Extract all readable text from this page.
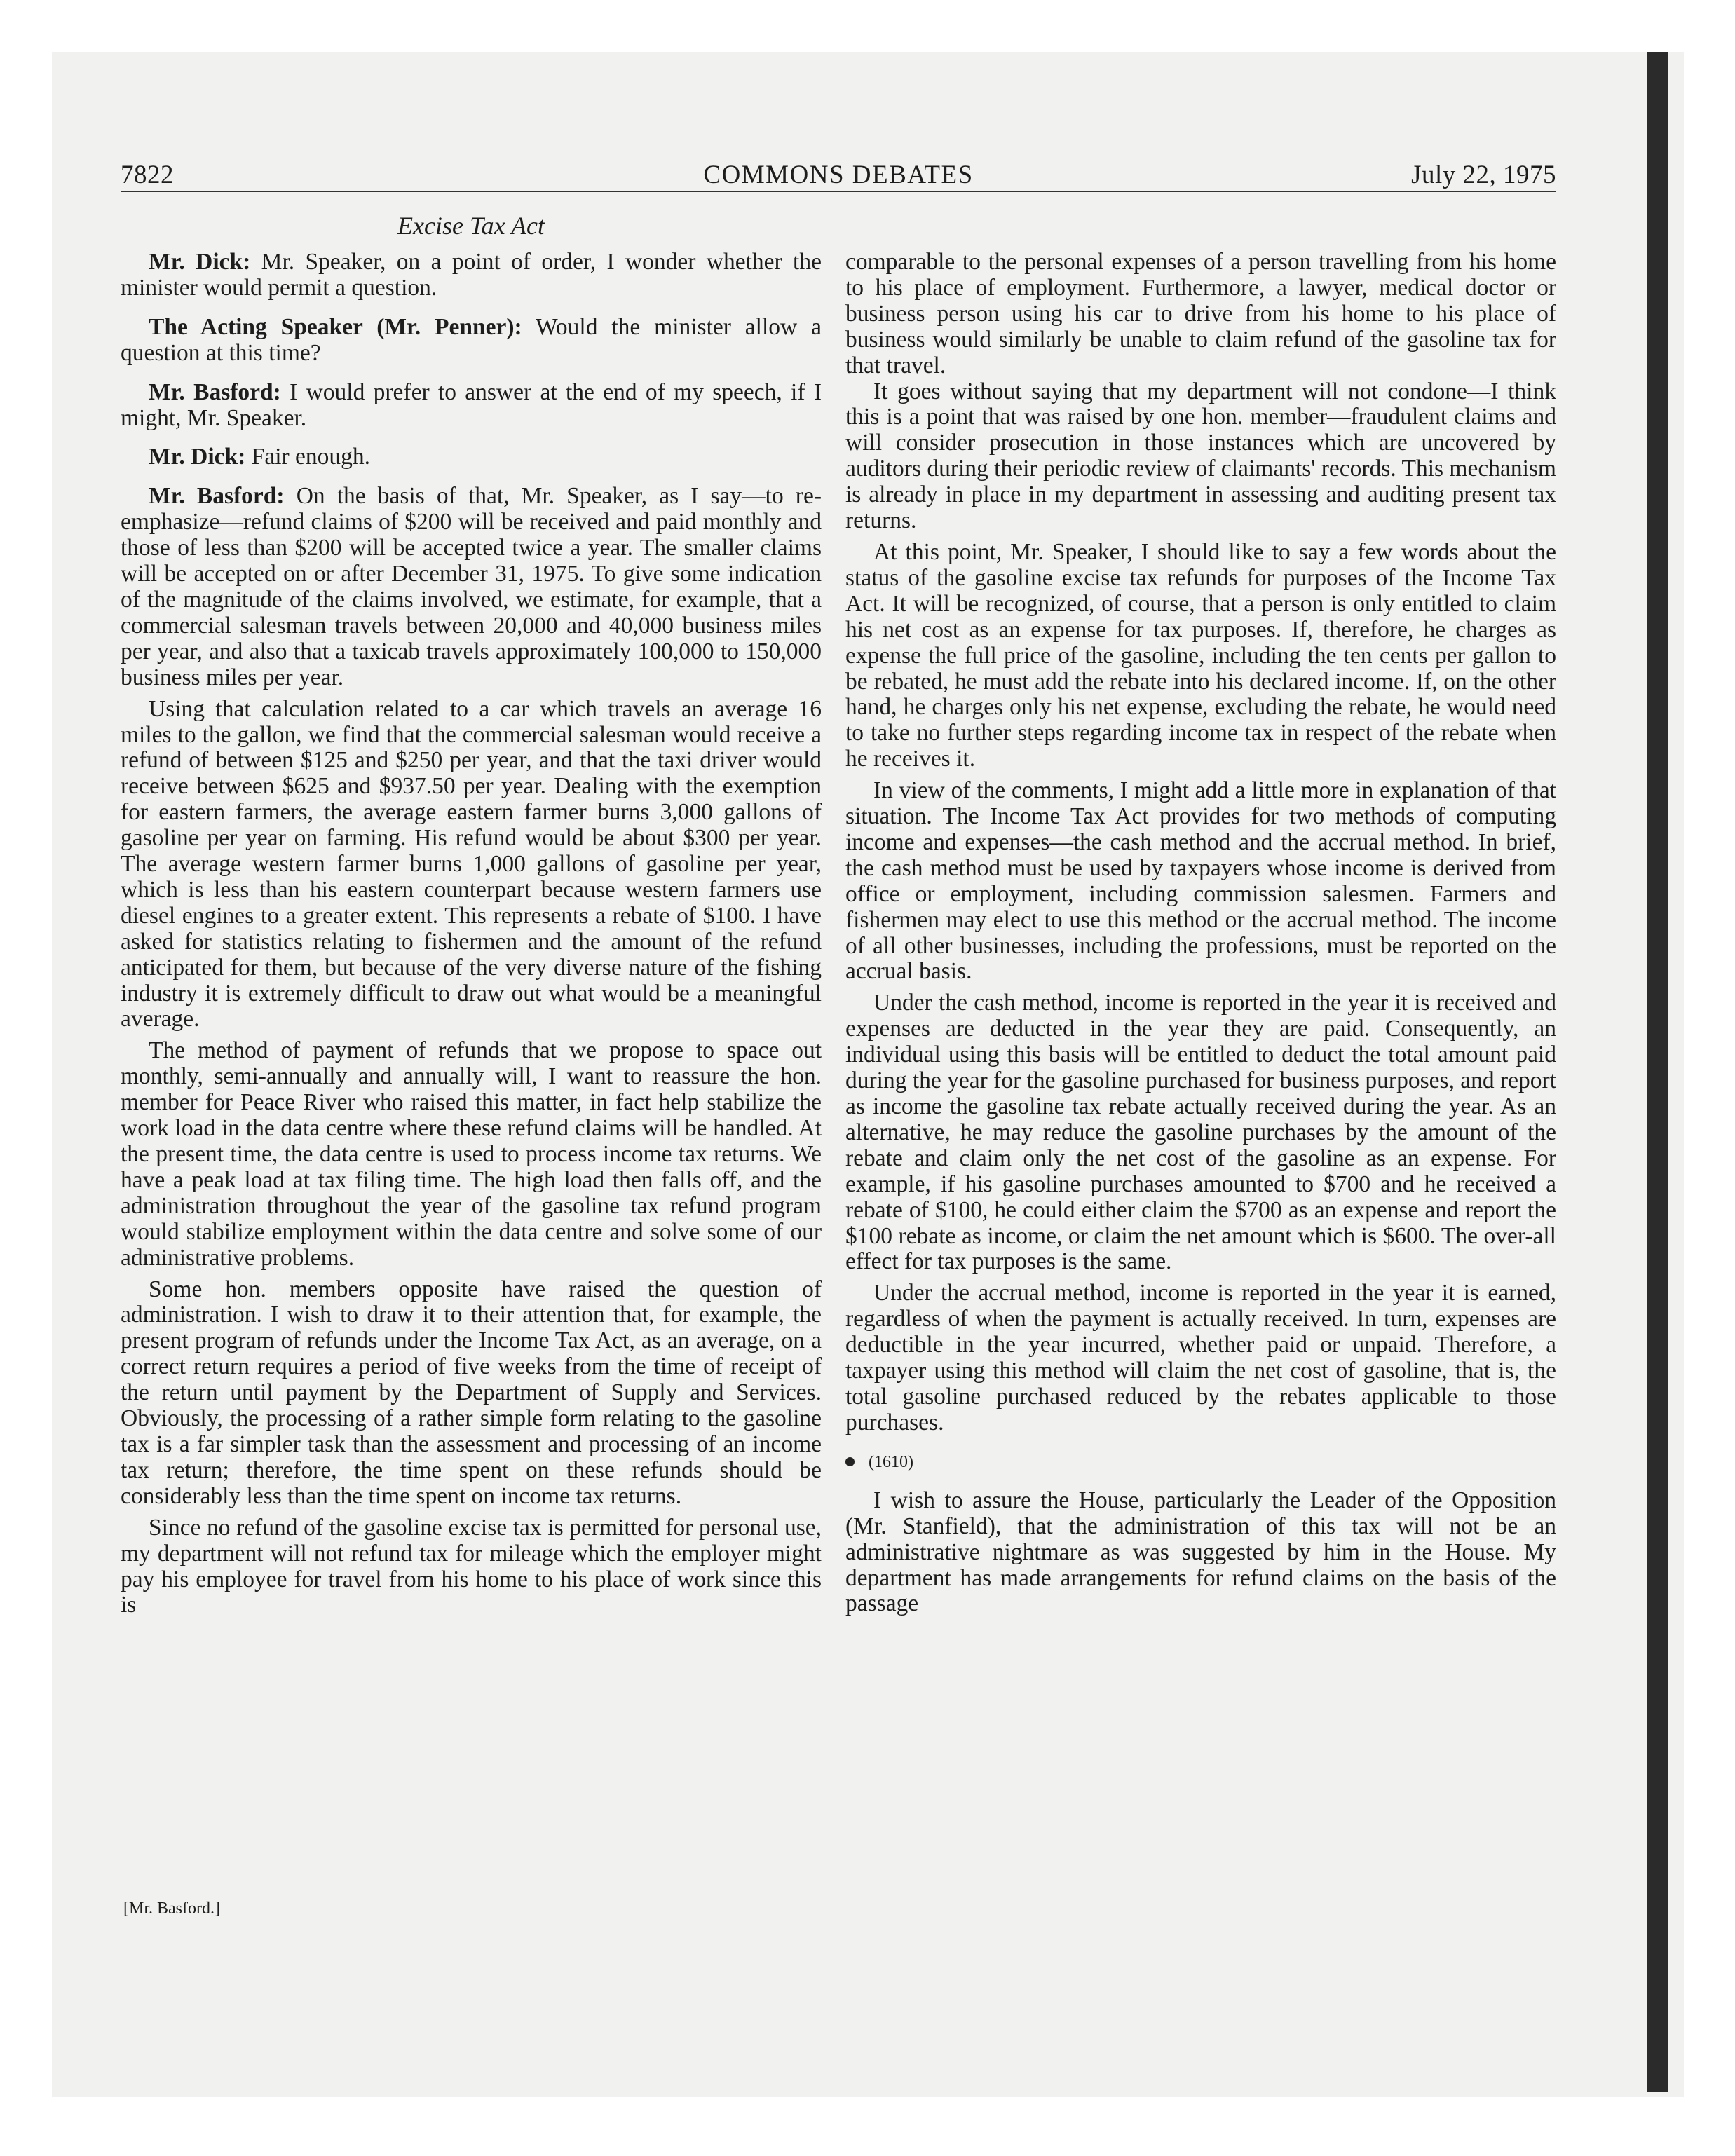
7822	COMMONS DEBATES	July 22, 1975
Excise Tax Act

Mr. Dick: Mr. Speaker, on a point of order, I wonder whether the minister would permit a question.

The Acting Speaker (Mr. Penner): Would the minister allow a question at this time?

Mr. Basford: I would prefer to answer at the end of my speech, if I might, Mr. Speaker.

Mr. Dick: Fair enough.

Mr. Basford: On the basis of that, Mr. Speaker, as I say—to re-emphasize—refund claims of $200 will be received and paid monthly and those of less than $200 will be accepted twice a year. The smaller claims will be accepted on or after December 31, 1975. To give some indication of the magnitude of the claims involved, we estimate, for example, that a commercial salesman travels between 20,000 and 40,000 business miles per year, and also that a taxicab travels approximately 100,000 to 150,000 business miles per year.

Using that calculation related to a car which travels an average 16 miles to the gallon, we find that the commercial salesman would receive a refund of between $125 and $250 per year, and that the taxi driver would receive between $625 and $937.50 per year. Dealing with the exemption for eastern farmers, the average eastern farmer burns 3,000 gallons of gasoline per year on farming. His refund would be about $300 per year. The average western farmer burns 1,000 gallons of gasoline per year, which is less than his eastern counterpart because western farmers use diesel engines to a greater extent. This represents a rebate of $100. I have asked for statistics relating to fishermen and the amount of the refund anticipated for them, but because of the very diverse nature of the fishing industry it is extremely difficult to draw out what would be a meaningful average.

The method of payment of refunds that we propose to space out monthly, semi-annually and annually will, I want to reassure the hon. member for Peace River who raised this matter, in fact help stabilize the work load in the data centre where these refund claims will be handled. At the present time, the data centre is used to process income tax returns. We have a peak load at tax filing time. The high load then falls off, and the administration throughout the year of the gasoline tax refund program would stabilize employment within the data centre and solve some of our administrative problems.

Some hon. members opposite have raised the question of administration. I wish to draw it to their attention that, for example, the present program of refunds under the Income Tax Act, as an average, on a correct return requires a period of five weeks from the time of receipt of the return until payment by the Department of Supply and Services. Obviously, the processing of a rather simple form relating to the gasoline tax is a far simpler task than the assessment and processing of an income tax return; therefore, the time spent on these refunds should be considerably less than the time spent on income tax returns.

Since no refund of the gasoline excise tax is permitted for personal use, my department will not refund tax for mileage which the employer might pay his employee for travel from his home to his place of work since this is

comparable to the personal expenses of a person travelling from his home to his place of employment. Furthermore, a lawyer, medical doctor or business person using his car to drive from his home to his place of business would similarly be unable to claim refund of the gasoline tax for that travel.

It goes without saying that my department will not condone—I think this is a point that was raised by one hon. member—fraudulent claims and will consider prosecution in those instances which are uncovered by auditors during their periodic review of claimants' records. This mechanism is already in place in my department in assessing and auditing present tax returns.

At this point, Mr. Speaker, I should like to say a few words about the status of the gasoline excise tax refunds for purposes of the Income Tax Act. It will be recognized, of course, that a person is only entitled to claim his net cost as an expense for tax purposes. If, therefore, he charges as expense the full price of the gasoline, including the ten cents per gallon to be rebated, he must add the rebate into his declared income. If, on the other hand, he charges only his net expense, excluding the rebate, he would need to take no further steps regarding income tax in respect of the rebate when he receives it.

In view of the comments, I might add a little more in explanation of that situation. The Income Tax Act provides for two methods of computing income and expenses—the cash method and the accrual method. In brief, the cash method must be used by taxpayers whose income is derived from office or employment, including commission salesmen. Farmers and fishermen may elect to use this method or the accrual method. The income of all other businesses, including the professions, must be reported on the accrual basis.

Under the cash method, income is reported in the year it is received and expenses are deducted in the year they are paid. Consequently, an individual using this basis will be entitled to deduct the total amount paid during the year for the gasoline purchased for business purposes, and report as income the gasoline tax rebate actually received during the year. As an alternative, he may reduce the gasoline purchases by the amount of the rebate and claim only the net cost of the gasoline as an expense. For example, if his gasoline purchases amounted to $700 and he received a rebate of $100, he could either claim the $700 as an expense and report the $100 rebate as income, or claim the net amount which is $600. The over-all effect for tax purposes is the same.

Under the accrual method, income is reported in the year it is earned, regardless of when the payment is actually received. In turn, expenses are deductible in the year incurred, whether paid or unpaid. Therefore, a taxpayer using this method will claim the net cost of gasoline, that is, the total gasoline purchased reduced by the rebates applicable to those purchases.

(1610)

I wish to assure the House, particularly the Leader of the Opposition (Mr. Stanfield), that the administration of this tax will not be an administrative nightmare as was suggested by him in the House. My department has made arrangements for refund claims on the basis of the passage

[Mr. Basford.]
